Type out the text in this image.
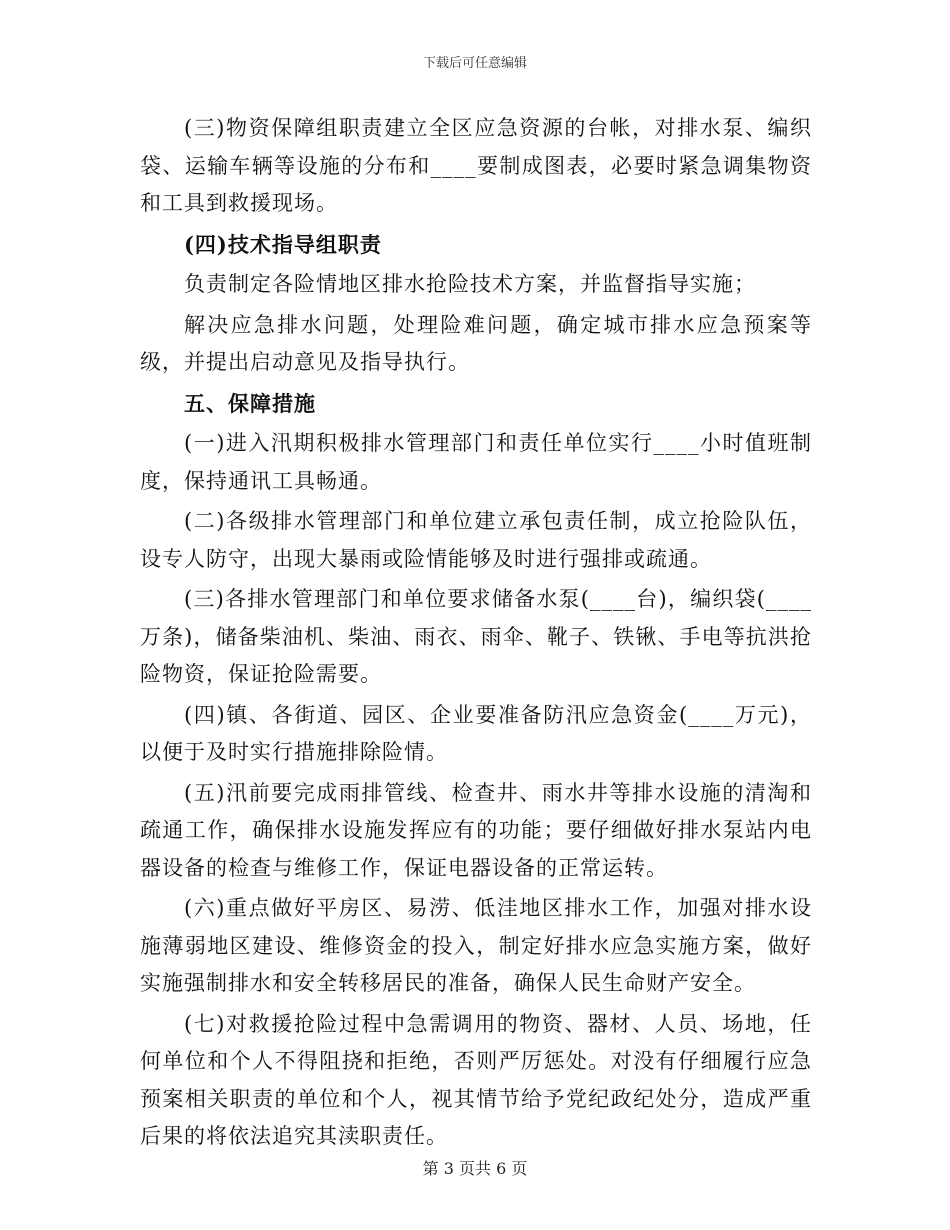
下载后可任意编辑

(三)物资保障组职责建立全区应急资源的台帐，对排水泵、编织袋、运输车辆等设施的分布和____要制成图表，必要时紧急调集物资和工具到救援现场。

(四)技术指导组职责

负责制定各险情地区排水抢险技术方案，并监督指导实施；

解决应急排水问题，处理险难问题，确定城市排水应急预案等级，并提出启动意见及指导执行。

五、保障措施

(一)进入汛期积极排水管理部门和责任单位实行____小时值班制度，保持通讯工具畅通。

(二)各级排水管理部门和单位建立承包责任制，成立抢险队伍，设专人防守，出现大暴雨或险情能够及时进行强排或疏通。

(三)各排水管理部门和单位要求储备水泵(____台)，编织袋(____万条)，储备柴油机、柴油、雨衣、雨伞、靴子、铁锹、手电等抗洪抢险物资，保证抢险需要。

(四)镇、各街道、园区、企业要准备防汛应急资金(____万元)，以便于及时实行措施排除险情。

(五)汛前要完成雨排管线、检查井、雨水井等排水设施的清淘和疏通工作，确保排水设施发挥应有的功能；要仔细做好排水泵站内电器设备的检查与维修工作，保证电器设备的正常运转。

(六)重点做好平房区、易涝、低洼地区排水工作，加强对排水设施薄弱地区建设、维修资金的投入，制定好排水应急实施方案，做好实施强制排水和安全转移居民的准备，确保人民生命财产安全。

(七)对救援抢险过程中急需调用的物资、器材、人员、场地，任何单位和个人不得阻挠和拒绝，否则严厉惩处。对没有仔细履行应急预案相关职责的单位和个人，视其情节给予党纪政纪处分，造成严重后果的将依法追究其渎职责任。

第 3 页共 6 页
